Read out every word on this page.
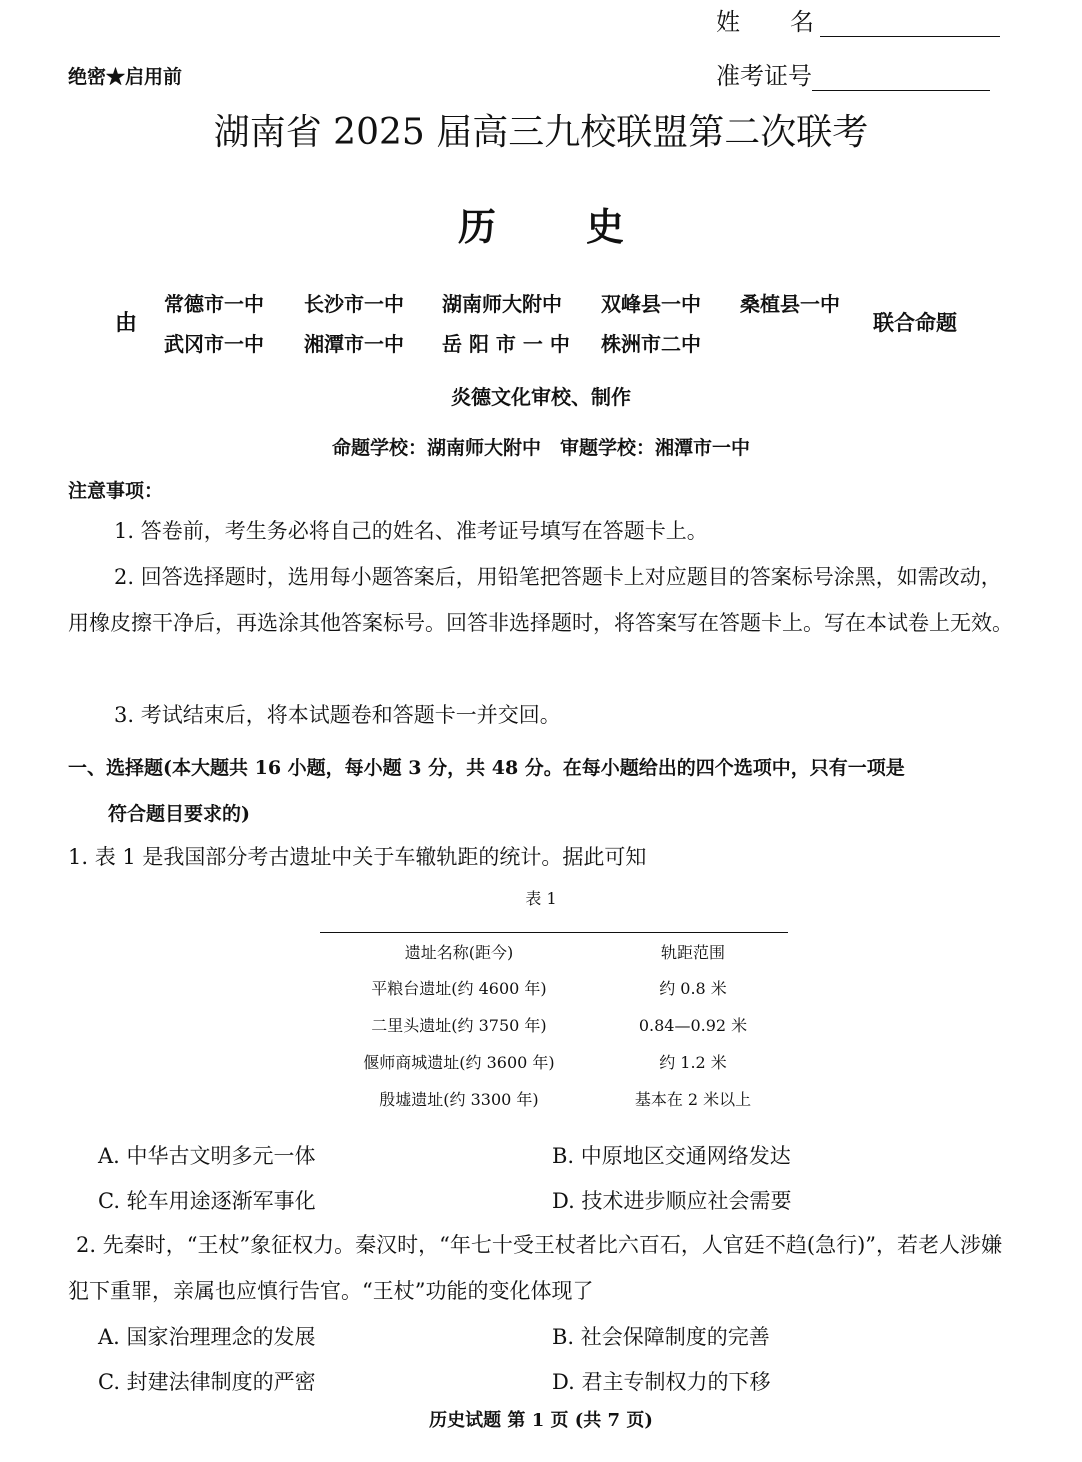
姓名
绝密★启用前	准考证号
湖南省 2025 届高三九校联盟第二次联考
历史
由
常德市一中 长沙市一中 湖南师大附中 双峰县一中 桑植县一中
武冈市一中 湘潭市一中 岳 阳 市 一 中 株洲市二中
联合命题
炎德文化审校、制作
命题学校：湖南师大附中　审题学校：湘潭市一中
注意事项：
1. 答卷前，考生务必将自己的姓名、准考证号填写在答题卡上。
2. 回答选择题时，选用每小题答案后，用铅笔把答题卡上对应题目的答案标号涂黑，如需改动，用橡皮擦干净后，再选涂其他答案标号。回答非选择题时，将答案写在答题卡上。写在本试卷上无效。
3. 考试结束后，将本试题卷和答题卡一并交回。
一、选择题(本大题共 16 小题，每小题 3 分，共 48 分。在每小题给出的四个选项中，只有一项是
符合题目要求的)
1. 表 1 是我国部分考古遗址中关于车辙轨距的统计。据此可知
表 1
遗址名称(距今)	轨距范围
平粮台遗址(约 4600 年)	约 0.8 米
二里头遗址(约 3750 年)	0.84—0.92 米
偃师商城遗址(约 3600 年)	约 1.2 米
殷墟遗址(约 3300 年)	基本在 2 米以上
A. 中华古文明多元一体	B. 中原地区交通网络发达
C. 轮车用途逐渐军事化	D. 技术进步顺应社会需要
2. 先秦时，“王杖”象征权力。秦汉时，“年七十受王杖者比六百石，人官廷不趋(急行)”，若老人涉嫌犯下重罪，亲属也应慎行告官。“王杖”功能的变化体现了
A. 国家治理理念的发展	B. 社会保障制度的完善
C. 封建法律制度的严密	D. 君主专制权力的下移
历史试题 第 1 页 (共 7 页)
